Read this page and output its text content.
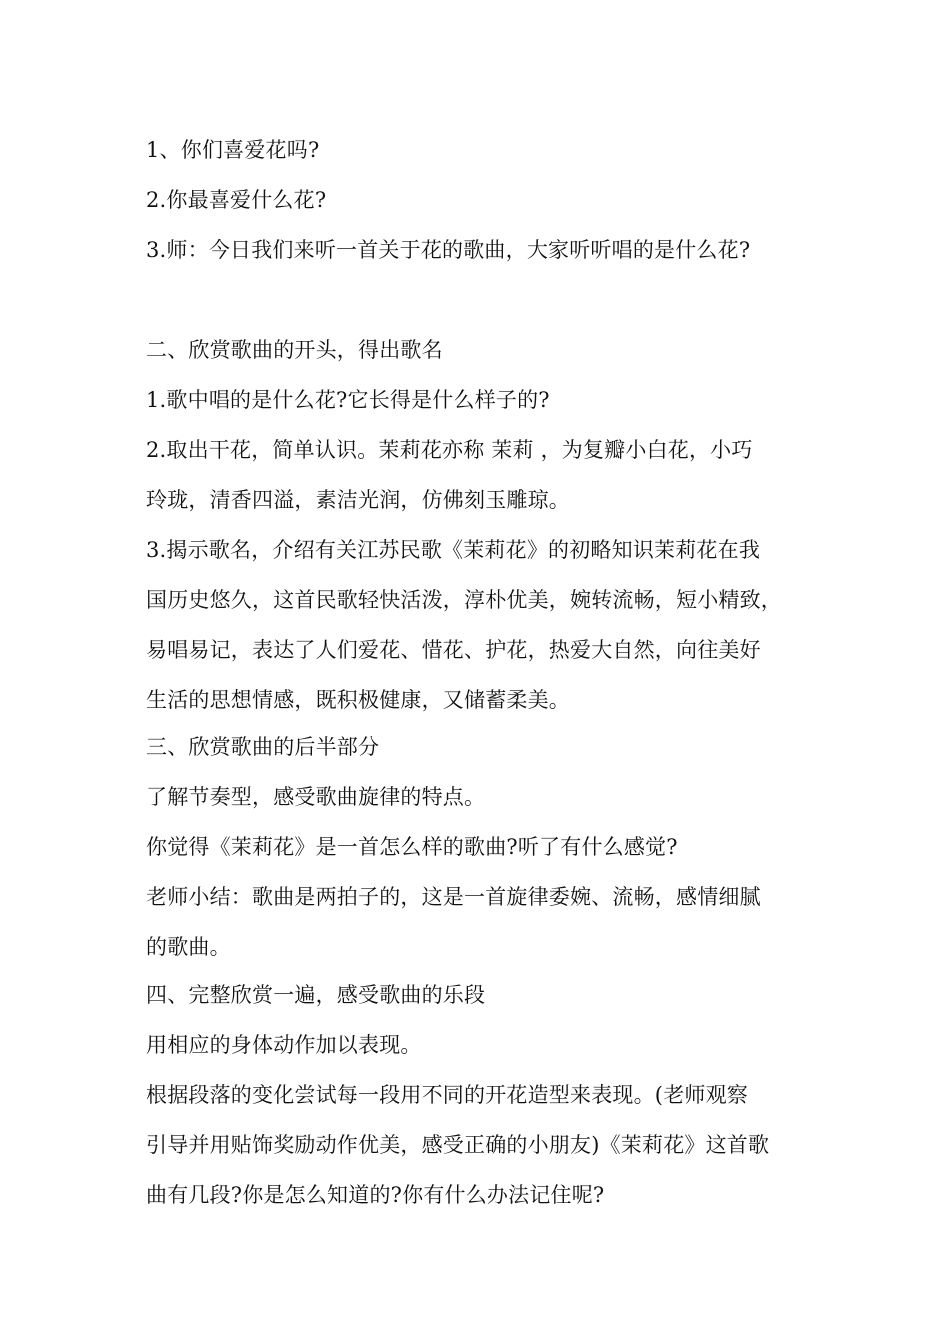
1、你们喜爱花吗?
2.你最喜爱什么花?
3.师：今日我们来听一首关于花的歌曲，大家听听唱的是什么花?
二、欣赏歌曲的开头，得出歌名
1.歌中唱的是什么花?它长得是什么样子的?
2.取出干花，简单认识。茉莉花亦称 茉莉 ，为复瓣小白花，小巧
玲珑，清香四溢，素洁光润，仿佛刻玉雕琼。
3.揭示歌名，介绍有关江苏民歌《茉莉花》的初略知识茉莉花在我
国历史悠久，这首民歌轻快活泼，淳朴优美，婉转流畅，短小精致，
易唱易记，表达了人们爱花、惜花、护花，热爱大自然，向往美好
生活的思想情感，既积极健康，又储蓄柔美。
三、欣赏歌曲的后半部分
了解节奏型，感受歌曲旋律的特点。
你觉得《茉莉花》是一首怎么样的歌曲?听了有什么感觉?
老师小结：歌曲是两拍子的，这是一首旋律委婉、流畅，感情细腻
的歌曲。
四、完整欣赏一遍，感受歌曲的乐段
用相应的身体动作加以表现。
根据段落的变化尝试每一段用不同的开花造型来表现。(老师观察
引导并用贴饰奖励动作优美，感受正确的小朋友)《茉莉花》这首歌
曲有几段?你是怎么知道的?你有什么办法记住呢?
